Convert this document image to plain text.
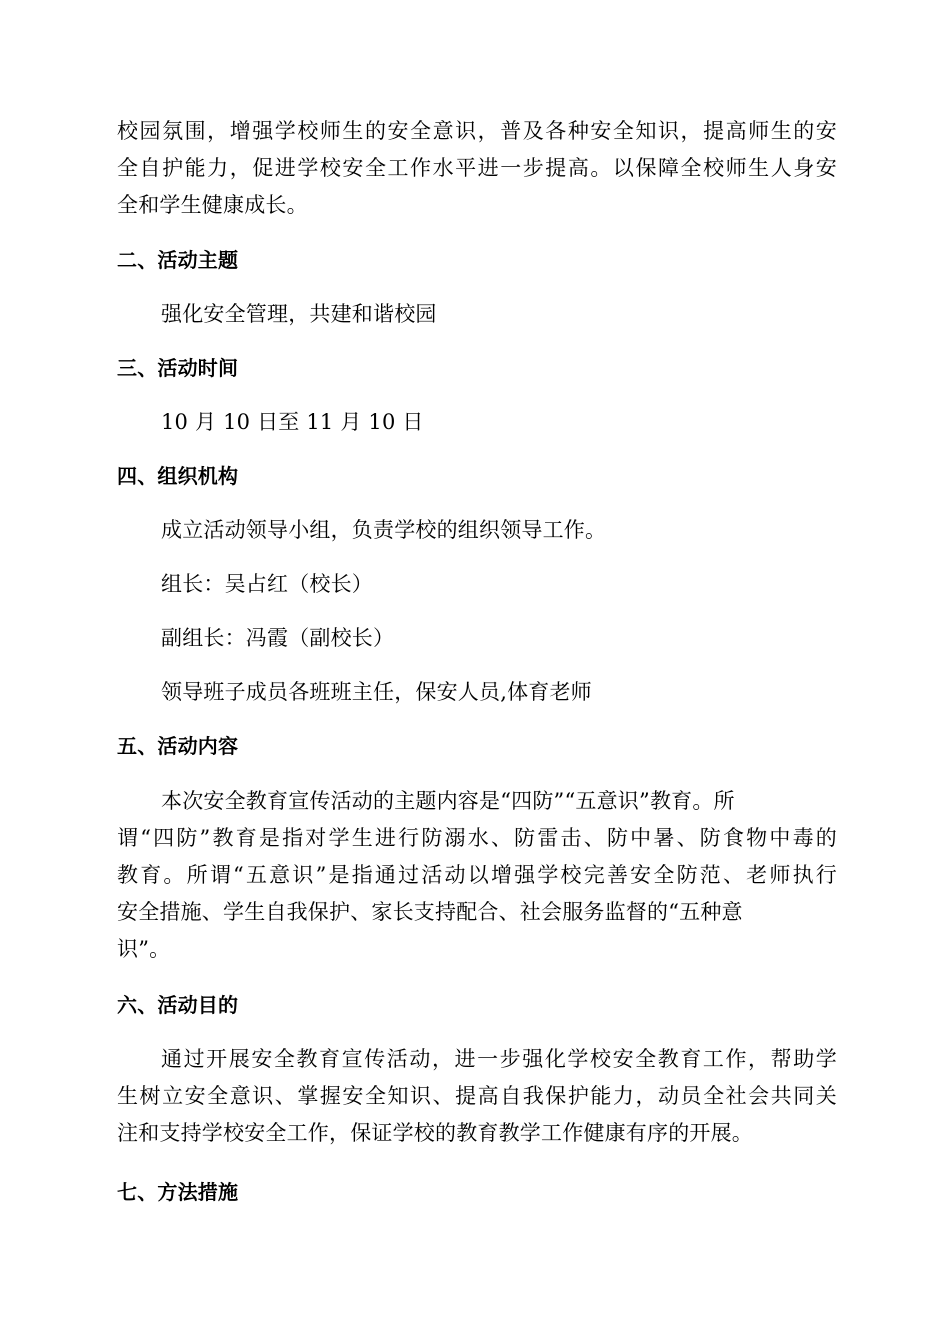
校园氛围，增强学校师生的安全意识，普及各种安全知识，提高师生的安
全自护能力，促进学校安全工作水平进一步提高。以保障全校师生人身安
全和学生健康成长。
二、活动主题
强化安全管理，共建和谐校园
三、活动时间
10 月 10 日至 11 月 10 日
四、组织机构
成立活动领导小组，负责学校的组织领导工作。
组长：吴占红（校长）
副组长：冯霞（副校长）
领导班子成员各班班主任，保安人员,体育老师
五、活动内容
本次安全教育宣传活动的主题内容是“四防”“五意识”教育。所
谓“四防”教育是指对学生进行防溺水、防雷击、防中暑、防食物中毒的
教育。所谓“五意识”是指通过活动以增强学校完善安全防范、老师执行
安全措施、学生自我保护、家长支持配合、社会服务监督的“五种意
识”。
六、活动目的
通过开展安全教育宣传活动，进一步强化学校安全教育工作，帮助学
生树立安全意识、掌握安全知识、提高自我保护能力，动员全社会共同关
注和支持学校安全工作，保证学校的教育教学工作健康有序的开展。
七、方法措施
